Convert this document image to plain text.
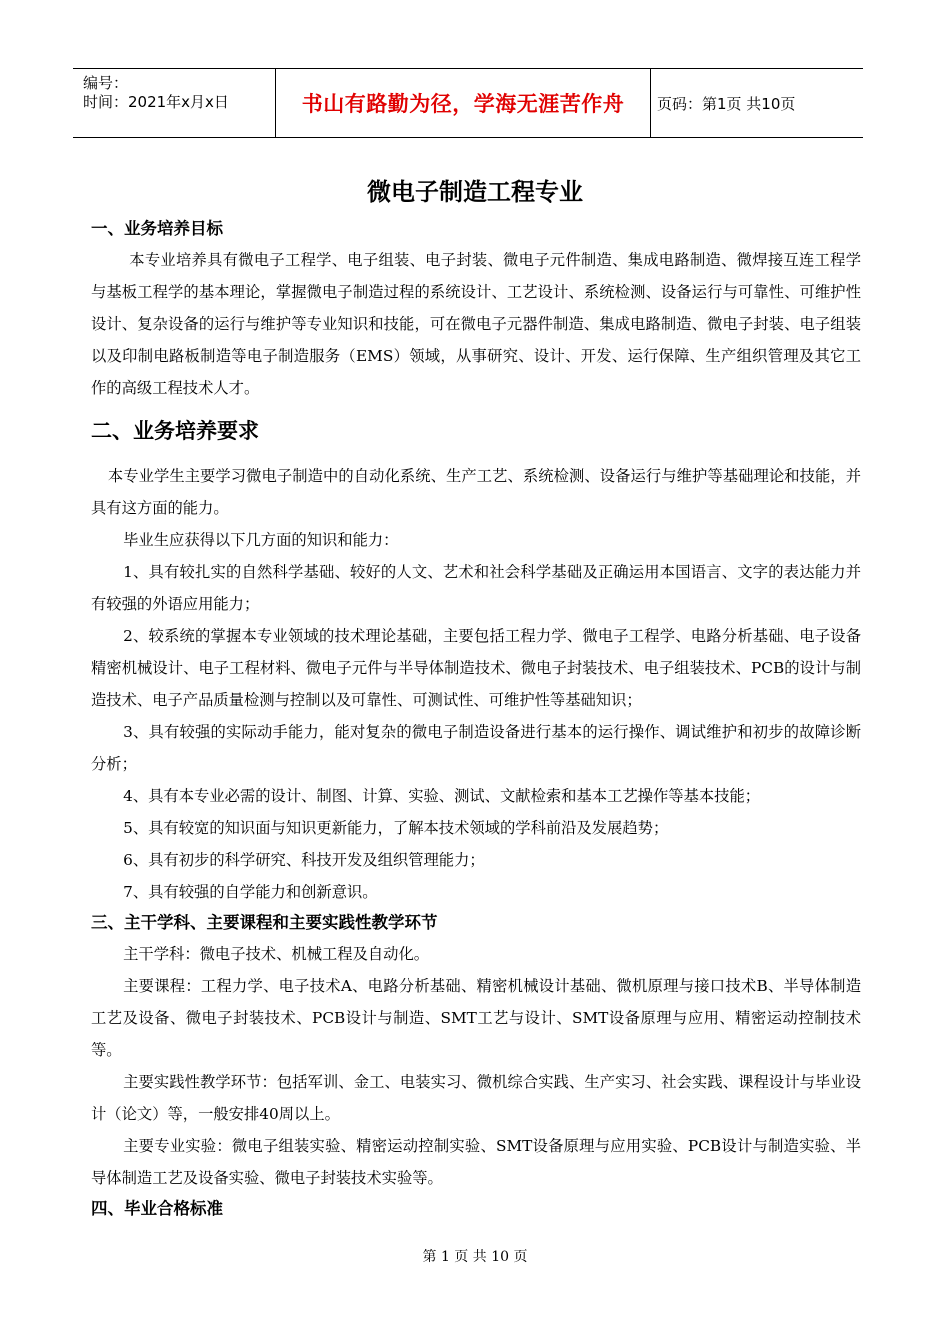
编号：
时间：2021年x月x日	书山有路勤为径，学海无涯苦作舟 页码：第1页 共10页
微电子制造工程专业
一、业务培养目标
本专业培养具有微电子工程学、电子组装、电子封装、微电子元件制造、集成电路制造、微焊接互连工程学与基板工程学的基本理论，掌握微电子制造过程的系统设计、工艺设计、系统检测、设备运行与可靠性、可维护性设计、复杂设备的运行与维护等专业知识和技能，可在微电子元器件制造、集成电路制造、微电子封装、电子组装以及印制电路板制造等电子制造服务（EMS）领域，从事研究、设计、开发、运行保障、生产组织管理及其它工作的高级工程技术人才。
二、业务培养要求
本专业学生主要学习微电子制造中的自动化系统、生产工艺、系统检测、设备运行与维护等基础理论和技能，并具有这方面的能力。
毕业生应获得以下几方面的知识和能力：
1、具有较扎实的自然科学基础、较好的人文、艺术和社会科学基础及正确运用本国语言、文字的表达能力并有较强的外语应用能力；
2、较系统的掌握本专业领域的技术理论基础，主要包括工程力学、微电子工程学、电路分析基础、电子设备精密机械设计、电子工程材料、微电子元件与半导体制造技术、微电子封装技术、电子组装技术、PCB的设计与制造技术、电子产品质量检测与控制以及可靠性、可测试性、可维护性等基础知识；
3、具有较强的实际动手能力，能对复杂的微电子制造设备进行基本的运行操作、调试维护和初步的故障诊断分析；
4、具有本专业必需的设计、制图、计算、实验、测试、文献检索和基本工艺操作等基本技能；
5、具有较宽的知识面与知识更新能力，了解本技术领域的学科前沿及发展趋势；
6、具有初步的科学研究、科技开发及组织管理能力；
7、具有较强的自学能力和创新意识。
三、主干学科、主要课程和主要实践性教学环节
主干学科：微电子技术、机械工程及自动化。
主要课程：工程力学、电子技术A、电路分析基础、精密机械设计基础、微机原理与接口技术B、半导体制造工艺及设备、微电子封装技术、PCB设计与制造、SMT工艺与设计、SMT设备原理与应用、精密运动控制技术等。
主要实践性教学环节：包括军训、金工、电装实习、微机综合实践、生产实习、社会实践、课程设计与毕业设计（论文）等，一般安排40周以上。
主要专业实验：微电子组装实验、精密运动控制实验、SMT设备原理与应用实验、PCB设计与制造实验、半导体制造工艺及设备实验、微电子封装技术实验等。
四、毕业合格标准
第 1 页 共 10 页
